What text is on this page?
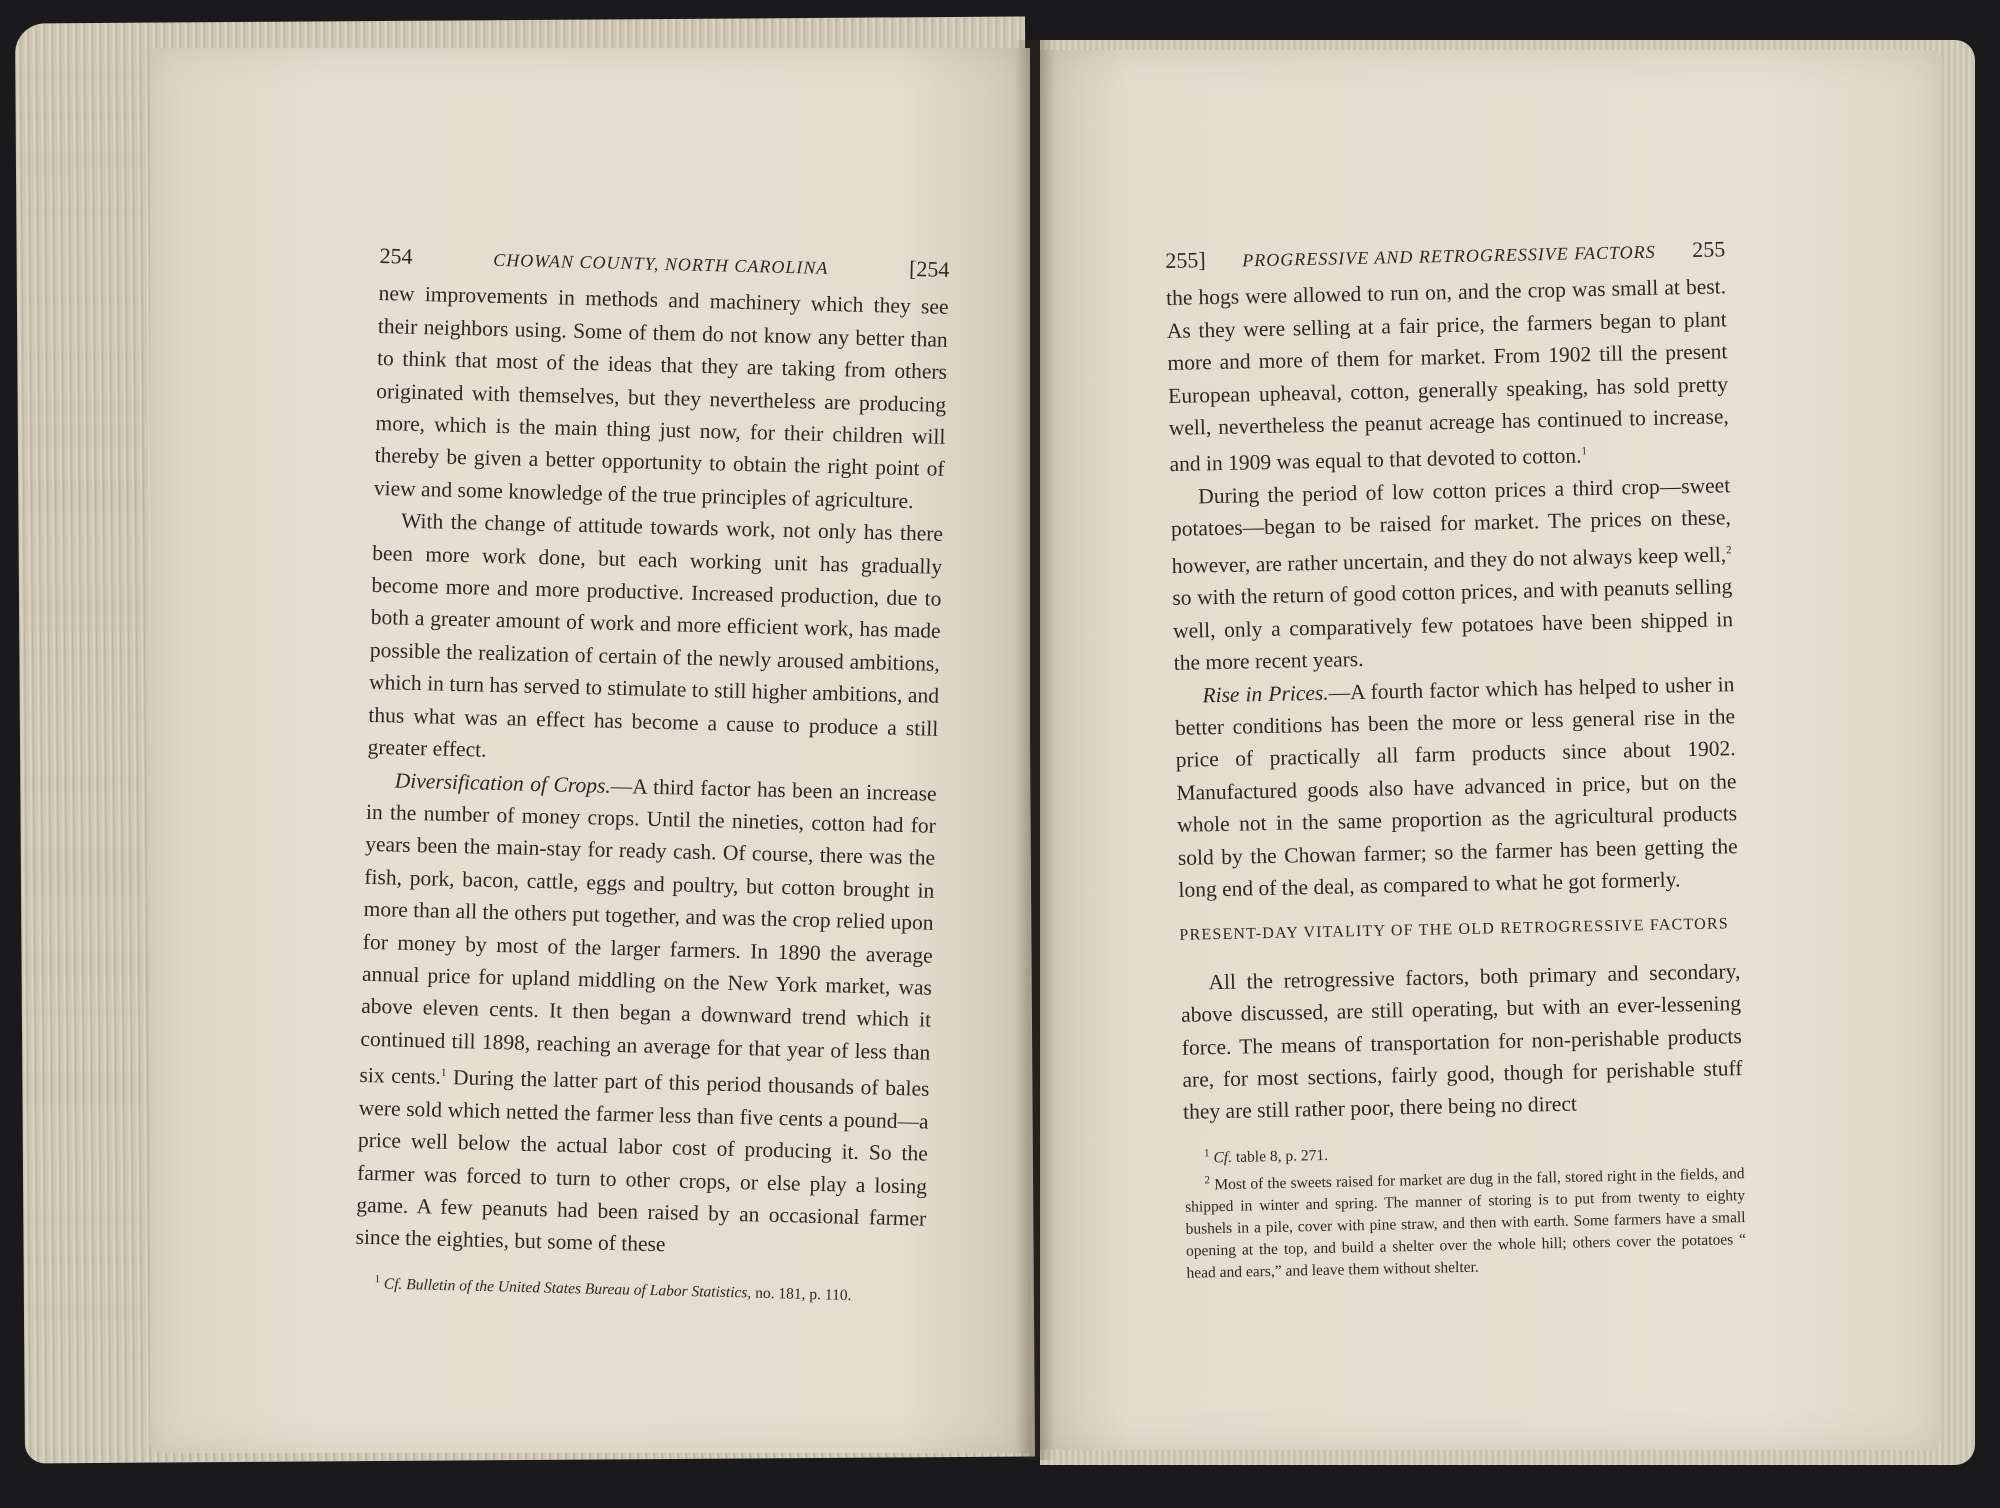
254	CHOWAN COUNTY, NORTH CAROLINA	[254

new improvements in methods and machinery which they see their neighbors using. Some of them do not know any better than to think that most of the ideas that they are taking from others originated with themselves, but they nevertheless are producing more, which is the main thing just now, for their children will thereby be given a better opportunity to obtain the right point of view and some knowledge of the true principles of agriculture.

With the change of attitude towards work, not only has there been more work done, but each working unit has gradually become more and more productive. Increased production, due to both a greater amount of work and more efficient work, has made possible the realization of certain of the newly aroused ambitions, which in turn has served to stimulate to still higher ambitions, and thus what was an effect has become a cause to produce a still greater effect.

Diversification of Crops.—A third factor has been an increase in the number of money crops. Until the nineties, cotton had for years been the main-stay for ready cash. Of course, there was the fish, pork, bacon, cattle, eggs and poultry, but cotton brought in more than all the others put together, and was the crop relied upon for money by most of the larger farmers. In 1890 the average annual price for upland middling on the New York market, was above eleven cents. It then began a downward trend which it continued till 1898, reaching an average for that year of less than six cents.$^1$ During the latter part of this period thousands of bales were sold which netted the farmer less than five cents a pound—a price well below the actual labor cost of producing it. So the farmer was forced to turn to other crops, or else play a losing game. A few peanuts had been raised by an occasional farmer since the eighties, but some of these

$^1$ Cf. Bulletin of the United States Bureau of Labor Statistics, no. 181, p. 110.

255] PROGRESSIVE AND RETROGRESSIVE FACTORS 255

the hogs were allowed to run on, and the crop was small at best. As they were selling at a fair price, the farmers began to plant more and more of them for market. From 1902 till the present European upheaval, cotton, generally speaking, has sold pretty well, nevertheless the peanut acreage has continued to increase, and in 1909 was equal to that devoted to cotton.$^1$

During the period of low cotton prices a third crop—sweet potatoes—began to be raised for market. The prices on these, however, are rather uncertain, and they do not always keep well,$^2$ so with the return of good cotton prices, and with peanuts selling well, only a comparatively few potatoes have been shipped in the more recent years.

Rise in Prices.—A fourth factor which has helped to usher in better conditions has been the more or less general rise in the price of practically all farm products since about 1902. Manufactured goods also have advanced in price, but on the whole not in the same proportion as the agricultural products sold by the Chowan farmer; so the farmer has been getting the long end of the deal, as compared to what he got formerly.

PRESENT-DAY VITALITY OF THE OLD RETROGRESSIVE FACTORS

All the retrogressive factors, both primary and secondary, above discussed, are still operating, but with an ever-lessening force. The means of transportation for non-perishable products are, for most sections, fairly good, though for perishable stuff they are still rather poor, there being no direct

$^1$ Cf. table 8, p. 271.

$^2$ Most of the sweets raised for market are dug in the fall, stored right in the fields, and shipped in winter and spring. The manner of storing is to put from twenty to eighty bushels in a pile, cover with pine straw, and then with earth. Some farmers have a small opening at the top, and build a shelter over the whole hill; others cover the potatoes “ head and ears,” and leave them without shelter.
